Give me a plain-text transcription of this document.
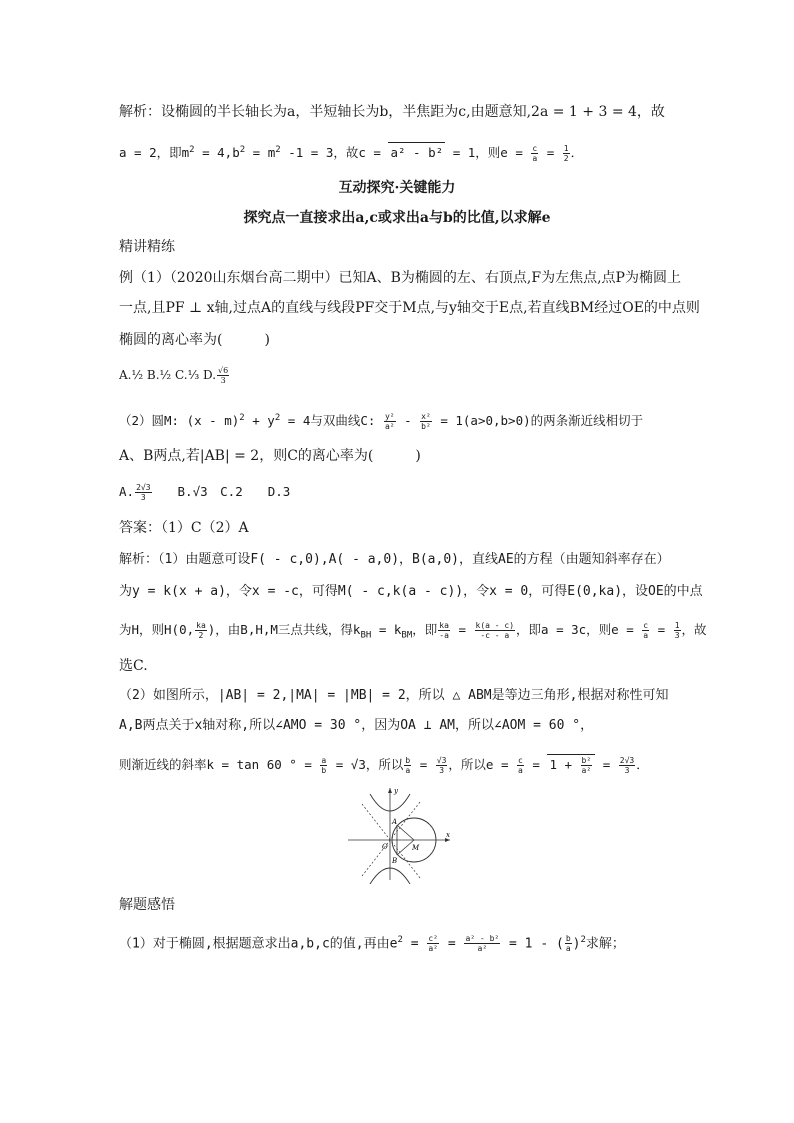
解析：设椭圆的半长轴长为a，半短轴长为b，半焦距为c,由题意知,2a = 1 + 3 = 4，故
a = 2，即$m^2 = 4,b^2 = m^2$ -1 = 3，故c = a² - b² = 1，则$e = \frac{c}{a} = \frac{1}{2}$ ．
互动探究·关键能力
探究点一直接求出a,c或求出a与b的比值,以求解e
精讲精练
例（1）（2020山东烟台高二期中）已知A、B为椭圆的左、右顶点,F为左焦点,点P为椭圆上
一点,且PF ⊥ x轴,过点A的直线与线段PF交于M点,与y轴交于E点,若直线BM经过OE的中点则
椭圆的离心率为(　　　)
A.½ B.½ C.⅓ D. $\frac{√6}{3}$
（2）圆M: $(x - m)^2 + y^2 = 4$与双曲线C: $\frac{\text{y²}}{\text{a²}} - \frac{\text{x²}}{\text{b²}} = 1(a>0,b>0)$的两条渐近线相切于
A、B两点,若|AB| = 2，则C的离心率为(　　　)
A. $\frac{2√3}{3}$ 　　B.√3　C.2　　D.3
答案：（1）C（2）A
解析：（1）由题意可设F( - c,0),A( - a,0)，B(a,0)，直线AE的方程（由题知斜率存在）
为y = k(x + a)，令x = -c，可得M( - c,k(a - c))，令x = 0，可得E(0,ka)，设OE的中点
为H，则H(0, $\frac{ka}{2}$ )，由B,H,M三点共线，得$k_{BH} = k_{BM}$，即 $\frac{ka}{-a} = \frac{k(a - c)}{-c - a}$ ，即a = 3c，则$e = \frac{c}{a} = \frac{1}{3}$ ，故
选C.
（2）如图所示，|AB| = 2,|MA| = |MB| = 2，所以 △ ABM是等边三角形,根据对称性可知
A,B两点关于x轴对称,所以∠AMO = 30 °，因为OA ⊥ AM，所以∠AOM = 60 °，
则渐近线的斜率k = tan 60 ° = $\frac{a}{b} = √3$，所以 $\frac{b}{a} = \frac{√3}{3}$ ，所以$e = \frac{c}{a} = 1 + \frac{\text{b²}}{\text{a²}} = \frac{2√3}{3}$ ．
y
x
A
B
O	M
解题感悟
（1）对于椭圆,根据题意求出a,b,c的值,再由$e^2 = \frac{\text{c²}}{\text{a²}} = \frac{\text{a² - b²}}{\text{a²}} = 1$ - ( $\frac{b}{a} )^2$求解；
